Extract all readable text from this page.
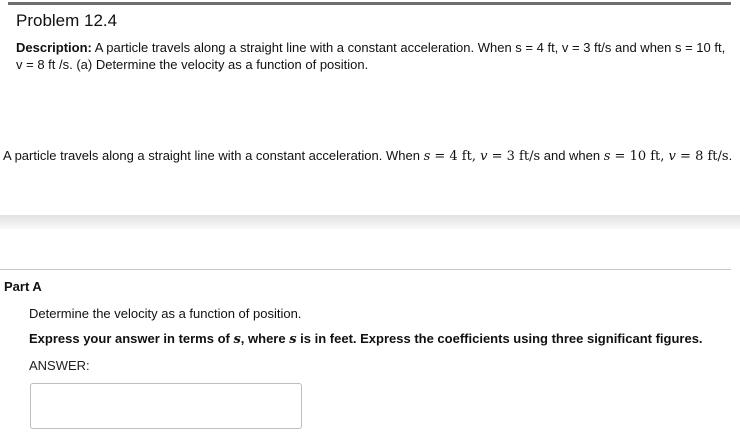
Problem 12.4
Description: A particle travels along a straight line with a constant acceleration. When s = 4 ft, v = 3 ft/s and when s = 10 ft, v = 8 ft /s. (a) Determine the velocity as a function of position.
A particle travels along a straight line with a constant acceleration. When s = 4 ft, v = 3 ft/s and when s = 10 ft, v = 8 ft/s.
Part A

Determine the velocity as a function of position.

Express your answer in terms of s, where s is in feet. Express the coefficients using three significant figures.

ANSWER:
